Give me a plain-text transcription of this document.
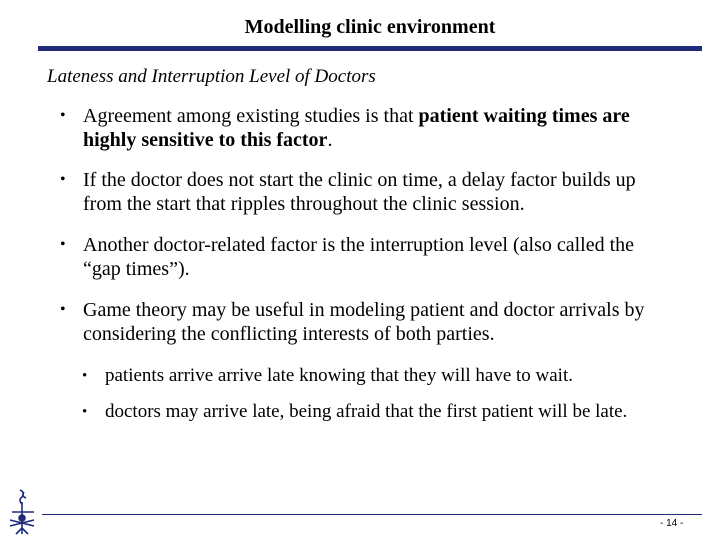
Modelling clinic environment
Lateness and Interruption Level of Doctors
• Agreement among existing studies is that patient waiting times are highly sensitive to this factor.
• If the doctor does not start the clinic on time, a delay factor builds up from the start that ripples throughout the clinic session.
• Another doctor-related factor is the interruption level (also called the “gap times”).
• Game theory may be useful in modeling patient and doctor arrivals by considering the conflicting interests of both parties.
• patients arrive arrive late knowing that they will have to wait.
• doctors may arrive late, being afraid that the first patient will be late.
- 14 -
